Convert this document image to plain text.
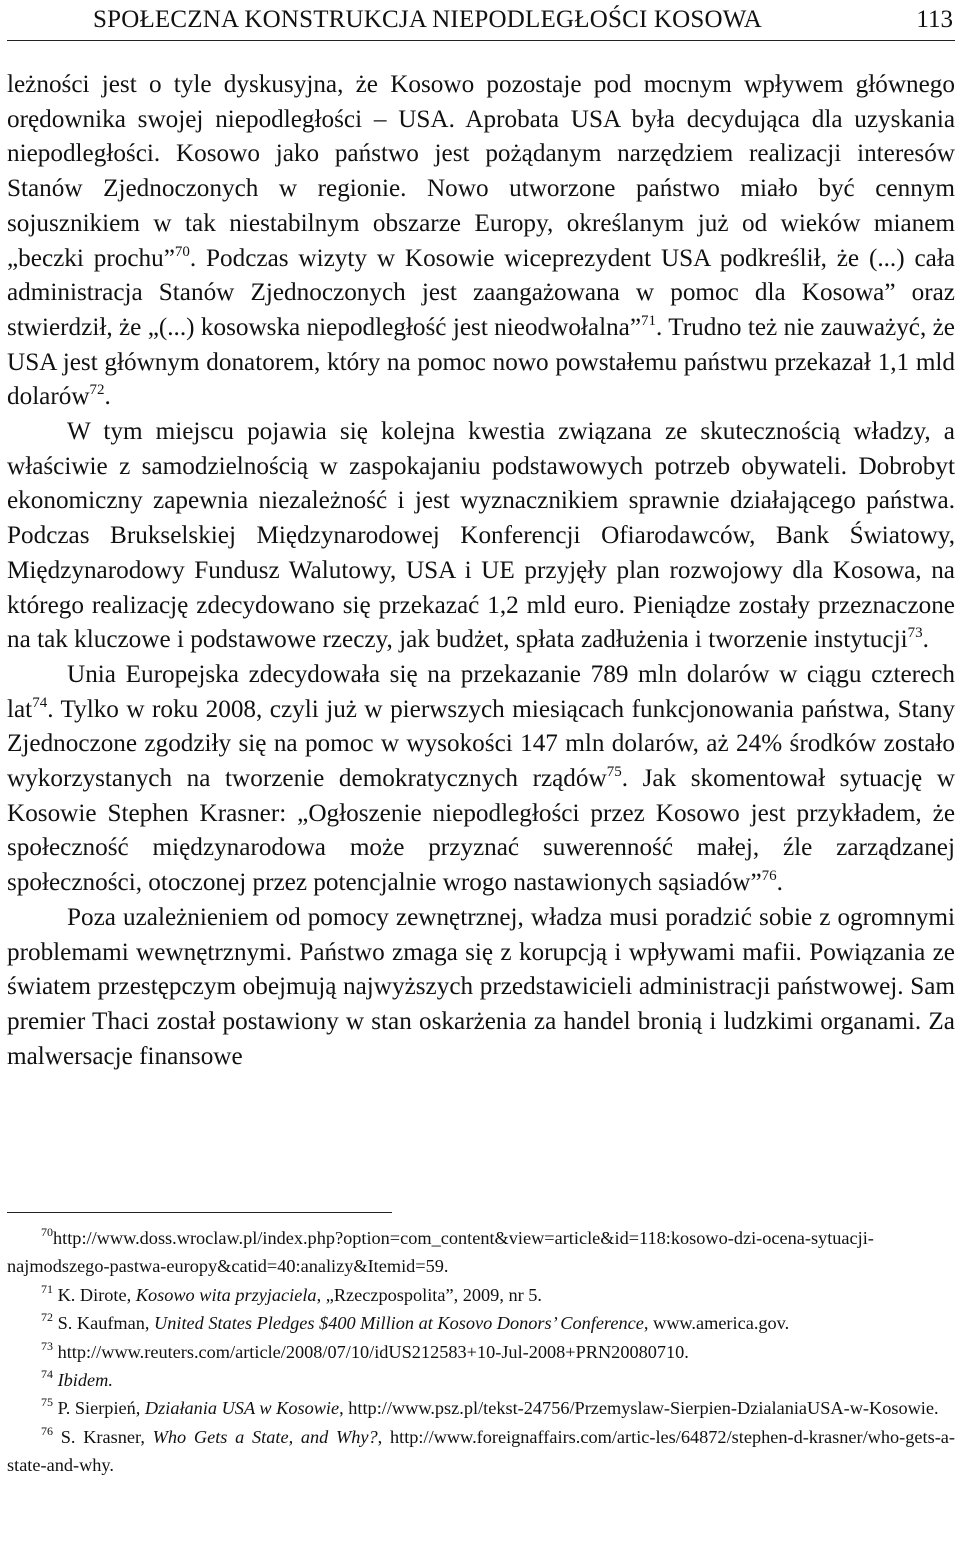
SPOŁECZNA KONSTRUKCJA NIEPODLEGŁOŚCI KOSOWA	113

leżności jest o tyle dyskusyjna, że Kosowo pozostaje pod mocnym wpływem głównego orędownika swojej niepodległości ‒ USA. Aprobata USA była decydująca dla uzyskania niepodległości. Kosowo jako państwo jest pożądanym narzędziem realizacji interesów Stanów Zjednoczonych w regionie. Nowo utworzone państwo miało być cennym sojusznikiem w tak niestabilnym obszarze Europy, określanym już od wieków mianem „beczki prochu”$^{70}$. Podczas wizyty w Kosowie wiceprezydent USA podkreślił, że (...) cała administracja Stanów Zjednoczonych jest zaangażowana w pomoc dla Kosowa” oraz stwierdził, że „(...) kosowska niepodległość jest nieodwołalna”$^{71}$. Trudno też nie zauważyć, że USA jest głównym donatorem, który na pomoc nowo powstałemu państwu przekazał 1,1 mld dolarów$^{72}$.

W tym miejscu pojawia się kolejna kwestia związana ze skutecznością władzy, a właściwie z samodzielnością w zaspokajaniu podstawowych potrzeb obywateli. Dobrobyt ekonomiczny zapewnia niezależność i jest wyznacznikiem sprawnie działającego państwa. Podczas Brukselskiej Międzynarodowej Konferencji Ofiarodawców, Bank Światowy, Międzynarodowy Fundusz Walutowy, USA i UE przyjęły plan rozwojowy dla Kosowa, na którego realizację zdecydowano się przekazać 1,2 mld euro. Pieniądze zostały przeznaczone na tak kluczowe i podstawowe rzeczy, jak budżet, spłata zadłużenia i tworzenie instytucji$^{73}$.

Unia Europejska zdecydowała się na przekazanie 789 mln dolarów w ciągu czterech lat$^{74}$. Tylko w roku 2008, czyli już w pierwszych miesiącach funkcjonowania państwa, Stany Zjednoczone zgodziły się na pomoc w wysokości 147 mln dolarów, aż 24% środków zostało wykorzystanych na tworzenie demokratycznych rządów$^{75}$. Jak skomentował sytuację w Kosowie Stephen Krasner: „Ogłoszenie niepodległości przez Kosowo jest przykładem, że społeczność międzynarodowa może przyznać suwerenność małej, źle zarządzanej społeczności, otoczonej przez potencjalnie wrogo nastawionych sąsiadów”$^{76}$.

Poza uzależnieniem od pomocy zewnętrznej, władza musi poradzić sobie z ogromnymi problemami wewnętrznymi. Państwo zmaga się z korupcją i wpływami mafii. Powiązania ze światem przestępczym obejmują najwyższych przedstawicieli administracji państwowej. Sam premier Thaci został postawiony w stan oskarżenia za handel bronią i ludzkimi organami. Za malwersacje finansowe

$^{70}$http://www.doss.wroclaw.pl/index.php?option=com_content&view=article&id=118:kosowo-dzi-ocena-sytuacji-najmodszego-pastwa-europy&catid=40:analizy&Itemid=59.

$^{71}$ K. Dirote, Kosowo wita przyjaciela, „Rzeczpospolita”, 2009, nr 5.

$^{72}$ S. Kaufman, United States Pledges $400 Million at Kosovo Donors’ Conference, www.america.gov.

$^{73}$ http://www.reuters.com/article/2008/07/10/idUS212583+10-Jul-2008+PRN20080710.

$^{74}$ Ibidem.

$^{75}$ P. Sierpień, Działania USA w Kosowie, http://www.psz.pl/tekst-24756/Przemyslaw-Sierpien-DzialaniaUSA-w-Kosowie.

$^{76}$ S. Krasner, Who Gets a State, and Why?, http://www.foreignaffairs.com/artic-les/64872/stephen-d-krasner/who-gets-a-state-and-why.
